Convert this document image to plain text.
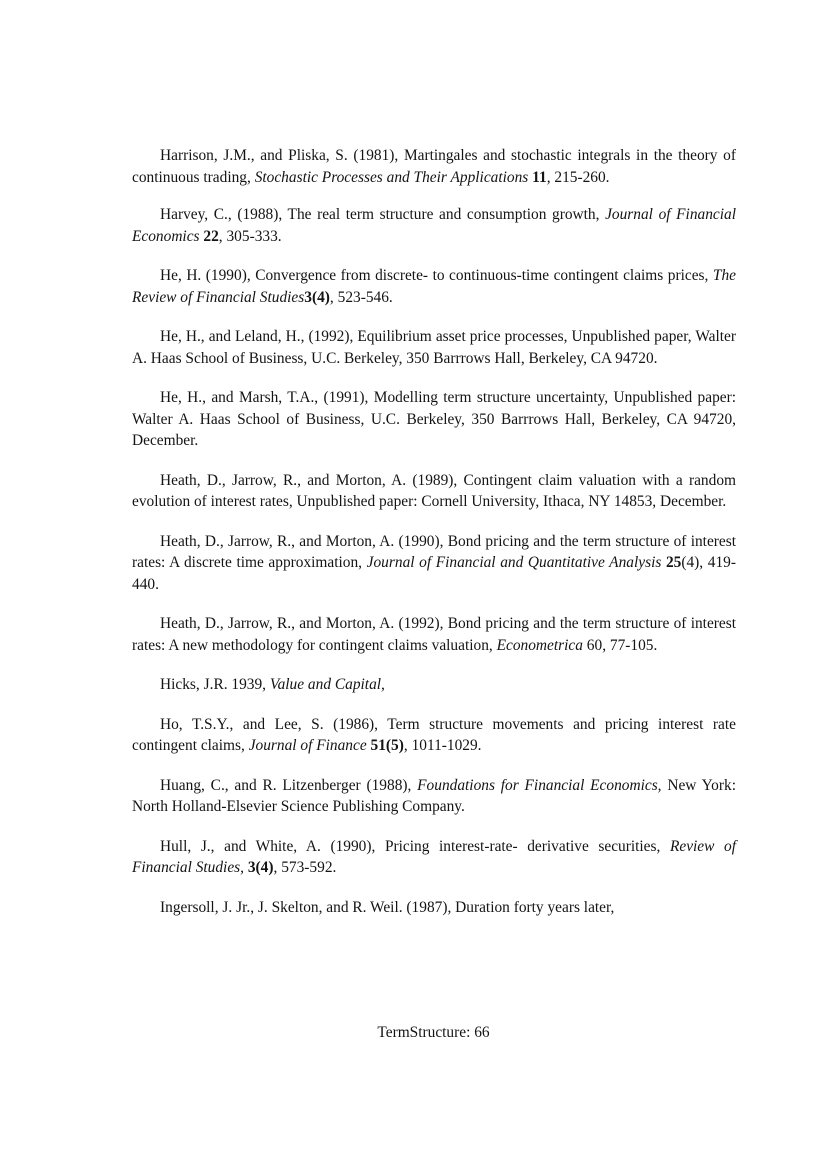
Harrison, J.M., and Pliska, S. (1981), Martingales and stochastic integrals in the theory of continuous trading, Stochastic Processes and Their Applications 11, 215-260.

Harvey, C., (1988), The real term structure and consumption growth, Journal of Financial Economics 22, 305-333.

He, H. (1990), Convergence from discrete- to continuous-time contingent claims prices, The Review of Financial Studies3(4), 523-546.

He, H., and Leland, H., (1992), Equilibrium asset price processes, Unpublished paper, Walter A. Haas School of Business, U.C. Berkeley, 350 Barrrows Hall, Berkeley, CA 94720.

He, H., and Marsh, T.A., (1991), Modelling term structure uncertainty, Unpublished paper: Walter A. Haas School of Business, U.C. Berkeley, 350 Barrrows Hall, Berkeley, CA 94720, December.

Heath, D., Jarrow, R., and Morton, A. (1989), Contingent claim valuation with a random evolution of interest rates, Unpublished paper: Cornell University, Ithaca, NY 14853, December.

Heath, D., Jarrow, R., and Morton, A. (1990), Bond pricing and the term structure of interest rates: A discrete time approximation, Journal of Financial and Quantitative Analysis 25(4), 419-440.

Heath, D., Jarrow, R., and Morton, A. (1992), Bond pricing and the term structure of interest rates: A new methodology for contingent claims valuation, Econometrica 60, 77-105.

Hicks, J.R. 1939, Value and Capital,

Ho, T.S.Y., and Lee, S. (1986), Term structure movements and pricing interest rate contingent claims, Journal of Finance 51(5), 1011-1029.

Huang, C., and R. Litzenberger (1988), Foundations for Financial Economics, New York: North Holland-Elsevier Science Publishing Company.

Hull, J., and White, A. (1990), Pricing interest-rate- derivative securities, Review of Financial Studies, 3(4), 573-592.

Ingersoll, J. Jr., J. Skelton, and R. Weil. (1987), Duration forty years later,

TermStructure: 66
